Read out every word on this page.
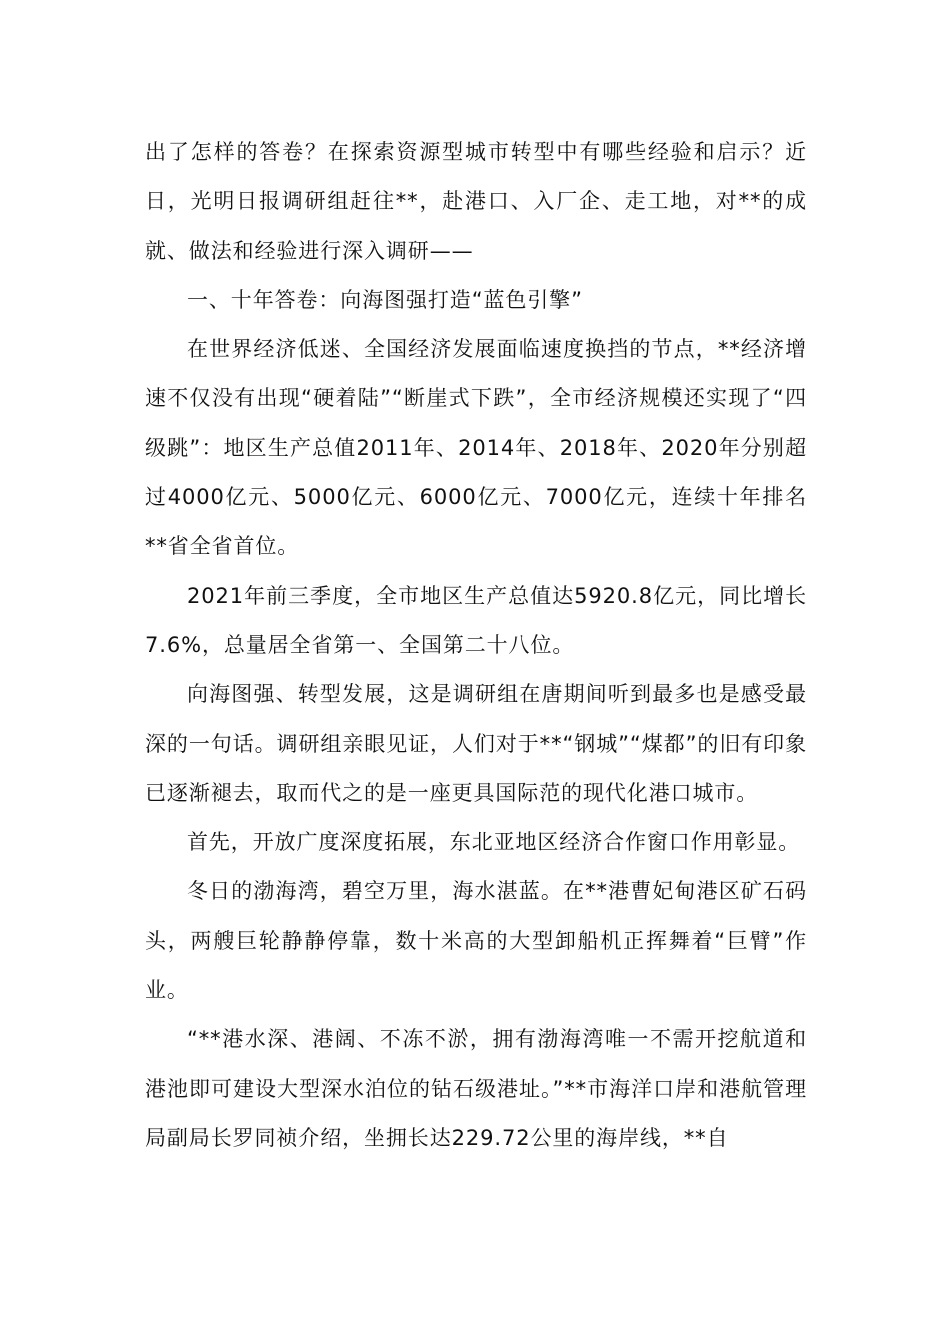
出了怎样的答卷？在探索资源型城市转型中有哪些经验和启示？近日，光明日报调研组赶往**，赴港口、入厂企、走工地，对**的成就、做法和经验进行深入调研——

一、十年答卷：向海图强打造“蓝色引擎”

在世界经济低迷、全国经济发展面临速度换挡的节点，**经济增速不仅没有出现“硬着陆”“断崖式下跌”，全市经济规模还实现了“四级跳”：地区生产总值2011年、2014年、2018年、2020年分别超过4000亿元、5000亿元、6000亿元、7000亿元，连续十年排名**省全省首位。

2021年前三季度，全市地区生产总值达5920.8亿元，同比增长7.6%，总量居全省第一、全国第二十八位。

向海图强、转型发展，这是调研组在唐期间听到最多也是感受最深的一句话。调研组亲眼见证，人们对于**“钢城”“煤都”的旧有印象已逐渐褪去，取而代之的是一座更具国际范的现代化港口城市。

首先，开放广度深度拓展，东北亚地区经济合作窗口作用彰显。

冬日的渤海湾，碧空万里，海水湛蓝。在**港曹妃甸港区矿石码头，两艘巨轮静静停靠，数十米高的大型卸船机正挥舞着“巨臂”作业。

“**港水深、港阔、不冻不淤，拥有渤海湾唯一不需开挖航道和港池即可建设大型深水泊位的钻石级港址。”**市海洋口岸和港航管理局副局长罗同祯介绍，坐拥长达229.72公里的海岸线，**自
